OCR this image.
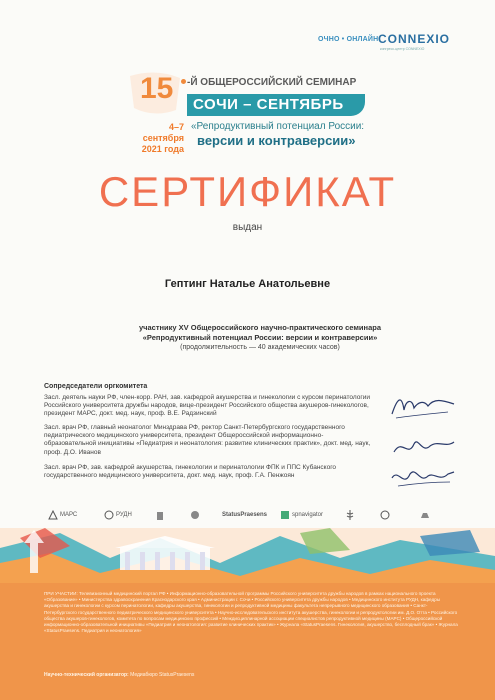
ОЧНО • ОНЛАЙН CONNEXIO
конгресс-центр CONNEXIO
15 -Й ОБЩЕРОССИЙСКИЙ СЕМИНАР
СОЧИ – СЕНТЯБРЬ
4–7 сентября
2021 года
«Репродуктивный потенциал России:
версии и контраверсии»
СЕРТИФИКАТ
выдан
Гептинг Наталье Анатольевне
участнику XV Общероссийского научно-практического семинара
«Репродуктивный потенциал России: версии и контраверсии»
(продолжительность — 40 академических часов)
Сопредседатели оргкомитета
Засл. деятель науки РФ, член-корр. РАН, зав. кафедрой акушерства и гинекологии с курсом перинатологии Российского университета дружбы народов, вице-президент Российского общества акушеров-гинекологов, президент МАРС, докт. мед. наук, проф. В.Е. Радзинский
Засл. врач РФ, главный неонатолог Минздрава РФ, ректор Санкт-Петербургского государственного педиатрического медицинского университета, президент Общероссийской информационно-образовательной инициативы «Педиатрия и неонатология: развитие клинических практик», докт. мед. наук, проф. Д.О. Иванов
Засл. врач РФ, зав. кафедрой акушерства, гинекологии и перинатологии ФПК и ППС Кубанского государственного медицинского университета, докт. мед. наук, проф. Г.А. Пенжоян
МАРС	РУДН	StatusPraesens	spnavigator
ПРИ УЧАСТИИ: Телевизионный медицинский портал РФ • Информационно-образовательной программы Российского университета дружбы народов в рамках национального проекта «Образование» • Министерства здравоохранения Краснодарского края • Администрации г. Сочи • Российского университета дружбы народов • Медицинского института РУДН, кафедры акушерства и гинекологии с курсом перинатологии, кафедры акушерства, гинекологии и репродуктивной медицины факультета непрерывного медицинского образования • Санкт-Петербургского государственного педиатрического медицинского университета • Научно-исследовательского института акушерства, гинекологии и репродуктологии им. Д.О. Отта • Российского общества акушеров-гинекологов, комитета по вопросам медицинских профессий • Междисциплинарной ассоциации специалистов репродуктивной медицины (МАРС) • Общероссийской информационно-образовательной инициативы «Педиатрия и неонатология: развитие клинических практик» • Журнала «StatusPraesens. Гинекология, акушерство, бесплодный брак» • Журнала «StatusPraesens. Педиатрия и неонатология»
Научно-технический организатор: Медиабюро StatusPraesens
